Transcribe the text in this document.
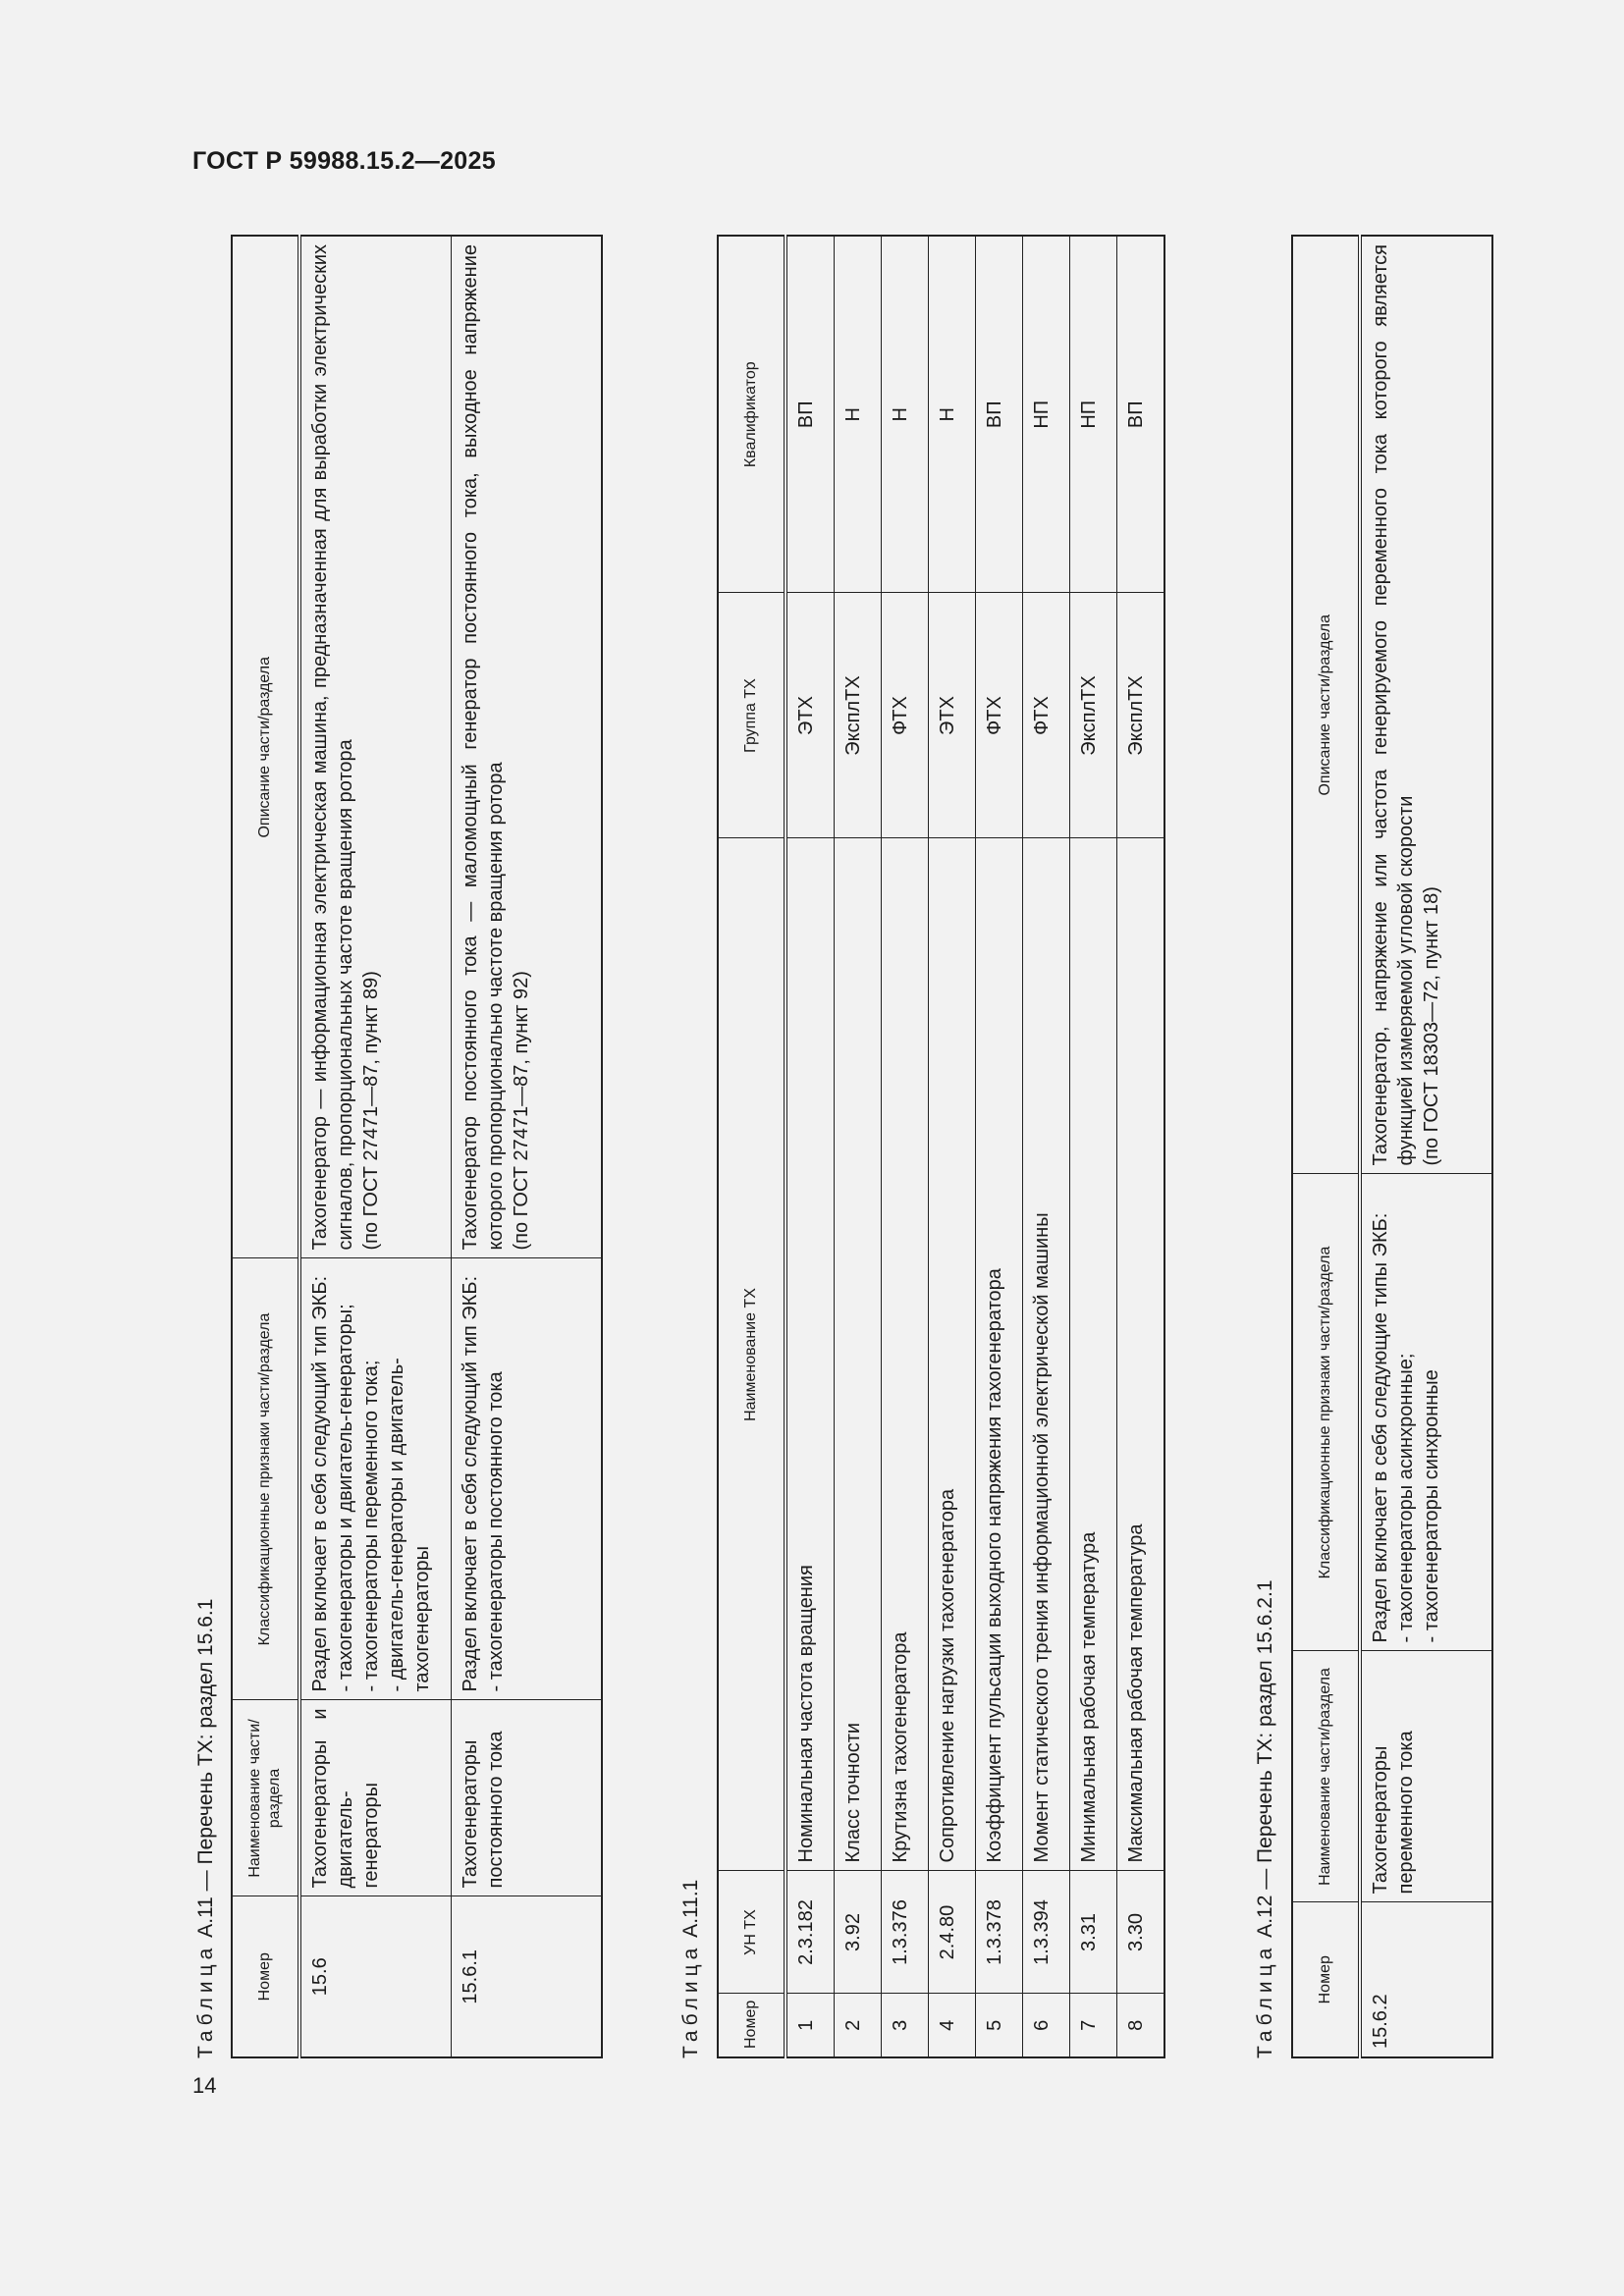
ГОСТ Р 59988.15.2—2025
14
Таблица А.11 — Перечень ТХ: раздел 15.6.1
Номер	Наименование части/раздела	Классификационные признаки части/раздела	Описание части/раздела
15.6	Тахогенераторы и двигатель-генераторы	Раздел включает в себя следующий тип ЭКБ: - тахогенераторы и двигатель-генераторы; - тахогенераторы переменного тока; - двигатель-генераторы и двигатель-тахогенераторы	Тахогенератор — информационная электрическая машина, предназначенная для выработки электрических сигналов, пропорциональных частоте вращения ротора (по ГОСТ 27471—87, пункт 89)

15.6.1	Тахогенераторы постоянного тока	Раздел включает в себя следующий тип ЭКБ: - тахогенераторы постоянного тока	Тахогенератор постоянного тока — маломощный генератор постоянного тока, выходное напряжение которого пропорционально частоте вращения ротора (по ГОСТ 27471—87, пункт 92)
Таблица А.11.1
Номер	УН ТХ	Наименование ТХ	Группа ТХ	Квалификатор
1	2.3.182	Номинальная частота вращения	ЭТХ	ВП
2	3.92	Класс точности	ЭксплТХ	Н
3	1.3.376	Крутизна тахогенератора	ФТХ	Н
4	2.4.80	Сопротивление нагрузки тахогенератора	ЭТХ	Н
5	1.3.378	Коэффициент пульсации выходного напряжения тахогенератора	ФТХ	ВП
6	1.3.394	Момент статического трения информационной электрической машины	ФТХ	НП
7	3.31	Минимальная рабочая температура	ЭксплТХ	НП
8	3.30	Максимальная рабочая температура	ЭксплТХ	ВП
Таблица А.12 — Перечень ТХ: раздел 15.6.2.1
Номер	Наименование части/раздела	Классификационные признаки части/раздела	Описание части/раздела
15.6.2	Тахогенераторы переменного тока	Раздел включает в себя следующие типы ЭКБ: - тахогенераторы асинхронные; - тахогенераторы синхронные	Тахогенератор, напряжение или частота генерируемого переменного тока которого является функцией измеряемой угловой скорости (по ГОСТ 18303—72, пункт 18)
